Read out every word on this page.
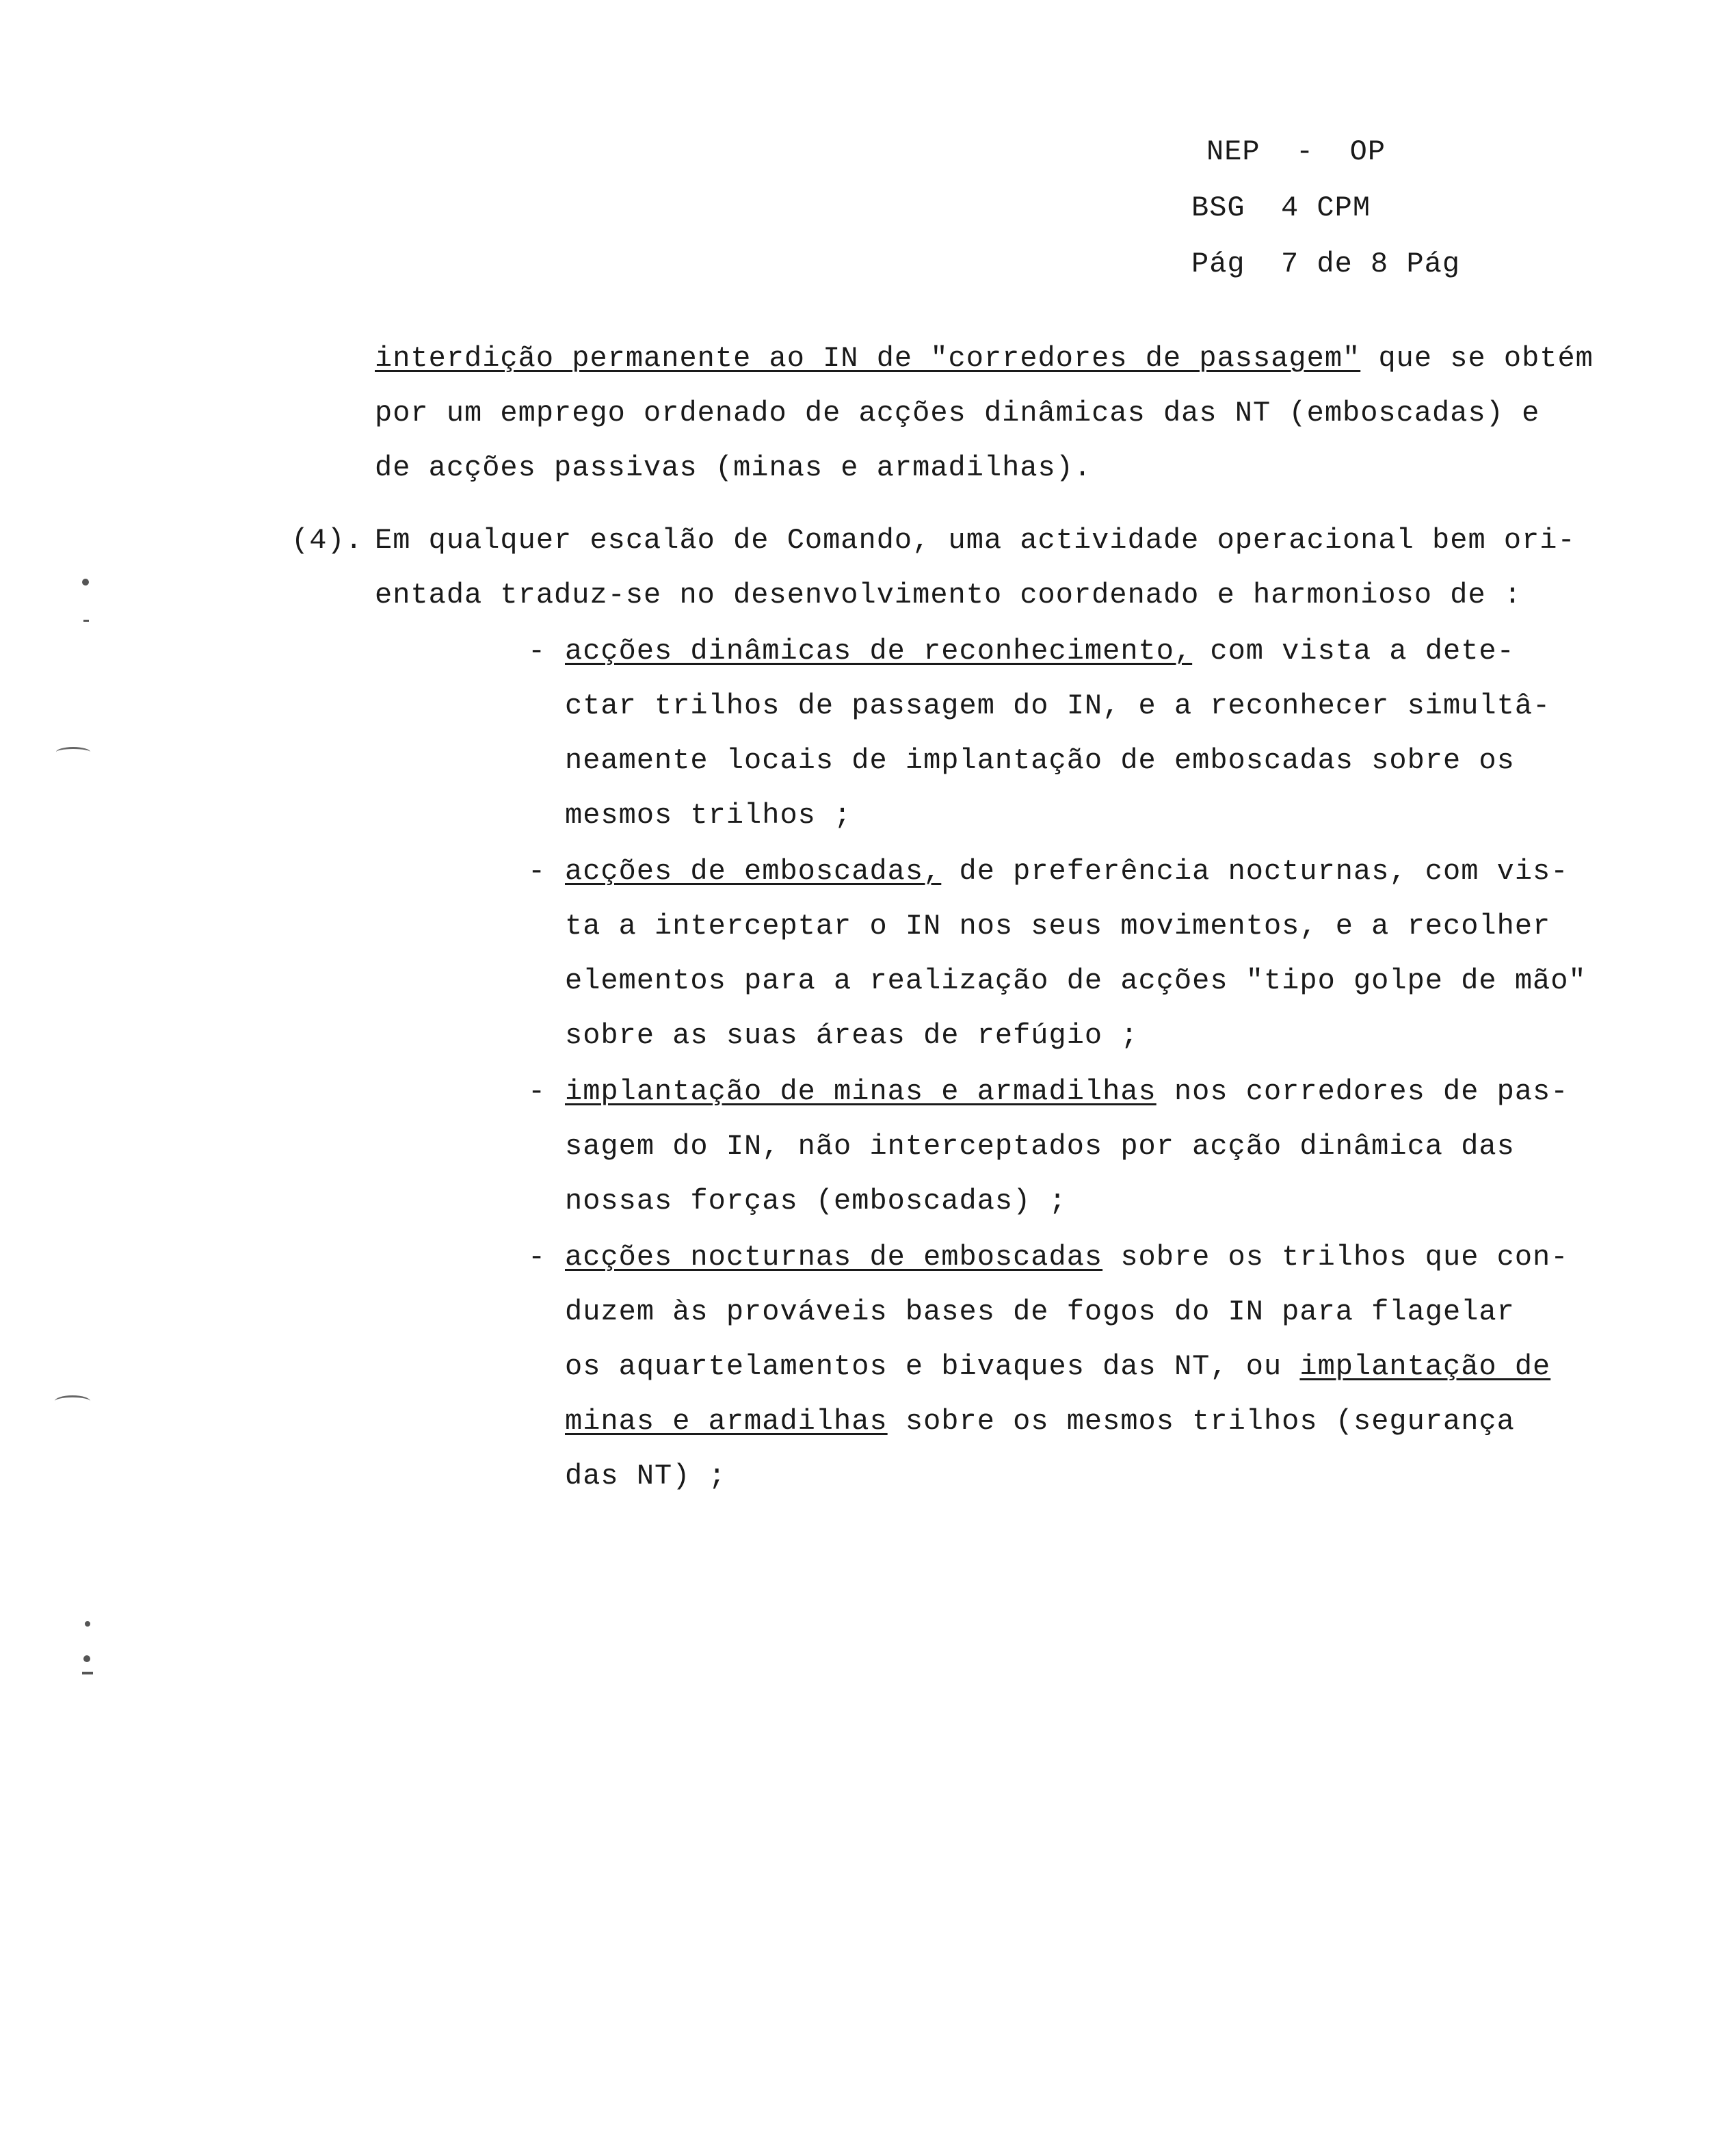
NEP  -  OP
BSG  4 CPM
Pág  7 de 8 Pág
interdição permanente ao IN de "corredores de passagem" que se obtém
por um emprego ordenado de acções dinâmicas das NT (emboscadas) e
de acções passivas (minas e armadilhas).
(4). Em qualquer escalão de Comando, uma actividade operacional bem ori-
entada traduz-se no desenvolvimento coordenado e harmonioso de :
- acções dinâmicas de reconhecimento, com vista a dete-
ctar trilhos de passagem do IN, e a reconhecer simultâ-
neamente locais de implantação de emboscadas sobre os
mesmos trilhos ;
- acções de emboscadas, de preferência nocturnas, com vis-
ta a interceptar o IN nos seus movimentos, e a recolher
elementos para a realização de acções "tipo golpe de mão"
sobre as suas áreas de refúgio ;
- implantação de minas e armadilhas nos corredores de pas-
sagem do IN, não interceptados por acção dinâmica das
nossas forças (emboscadas) ;
- acções nocturnas de emboscadas sobre os trilhos que con-
duzem às prováveis bases de fogos do IN para flagelar
os aquartelamentos e bivaques das NT, ou implantação de
minas e armadilhas sobre os mesmos trilhos (segurança
das NT) ;
